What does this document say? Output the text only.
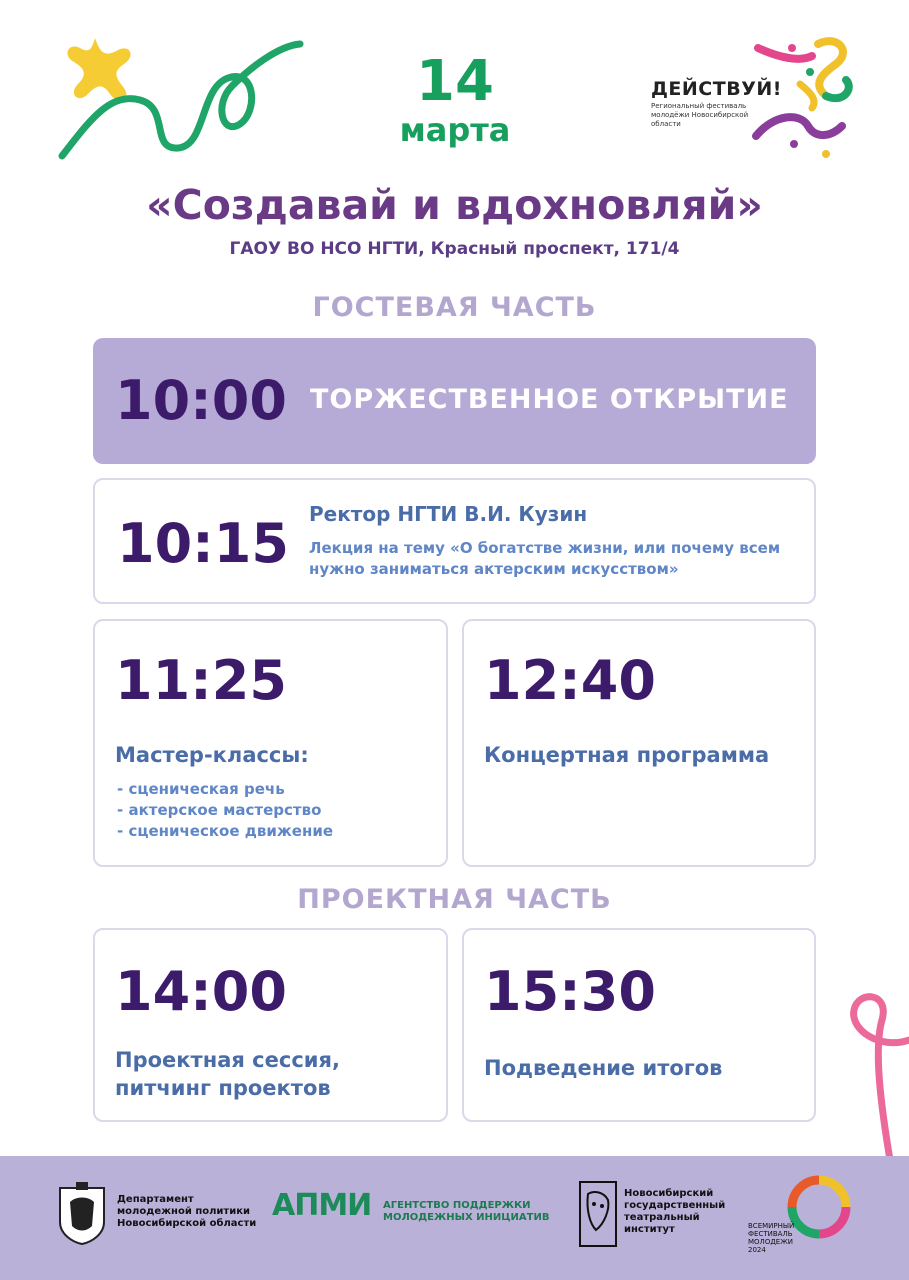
14
марта
ДЕЙСТВУЙ!
Региональный фестиваль молодёжи Новосибирской области
«Создавай и вдохновляй»
ГАОУ ВО НСО НГТИ, Красный проспект, 171/4
ГОСТЕВАЯ ЧАСТЬ
10:00 ТОРЖЕСТВЕННОЕ ОТКРЫТИЕ
10:15 Ректор НГТИ В.И. Кузин
Лекция на тему «О богатстве жизни, или почему всем нужно заниматься актерским искусством»
11:25
Мастер-классы:
- сценическая речь
- актерское мастерство
- сценическое движение
12:40
Концертная программа
ПРОЕКТНАЯ ЧАСТЬ
14:00
Проектная сессия, питчинг проектов
15:30
Подведение итогов
Департамент молодежной политики Новосибирской области
АПМИ АГЕНТСТВО ПОДДЕРЖКИ МОЛОДЕЖНЫХ ИНИЦИАТИВ
Новосибирский государственный театральный институт	ВСЕМИРНЫЙ ФЕСТИВАЛЬ МОЛОДЕЖИ 2024
